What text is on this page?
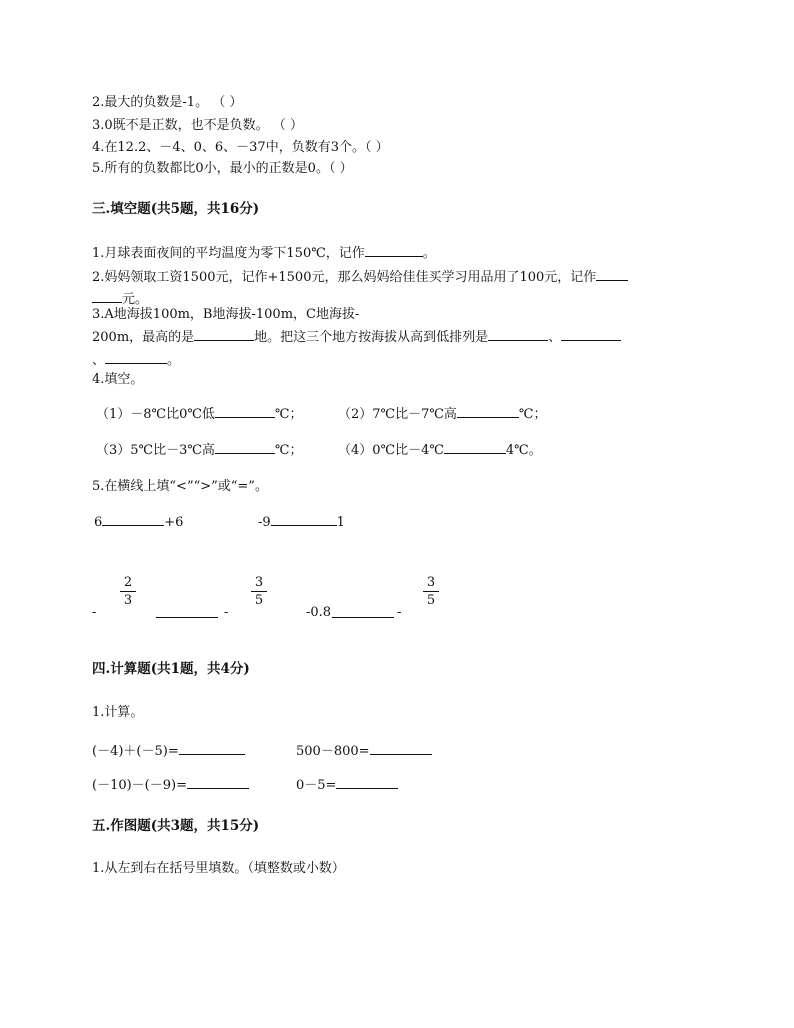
2.最大的负数是-1。 （ ）
3.0既不是正数，也不是负数。 （ ）
4.在12.2、－4、0、6、－37中，负数有3个。（ ）
5.所有的负数都比0小，最小的正数是0。（ ）
三.填空题(共5题，共16分)
1.月球表面夜间的平均温度为零下150℃，记作	。
2.妈妈领取工资1500元，记作+1500元，那么妈妈给佳佳买学习用品用了100元，记作
元。
3.A地海拔100m，B地海拔-100m，C地海拔-
200m，最高的是	地。把这三个地方按海拔从高到低排列是	、
、	。
4.填空。
（1）－8℃比0℃低	℃；	（2）7℃比－7℃高	℃；
（3）5℃比－3℃高	℃；	（4）0℃比－4℃	4℃。
5.在横线上填“<”“>”或“=”。
6	+6	-9	1
2
3
3
5
3
5
-	-	-0.8	-
四.计算题(共1题，共4分)
1.计算。
(－4)＋(－5)=	500－800=
(－10)－(－9)=	0－5=
五.作图题(共3题，共15分)
1.从左到右在括号里填数。（填整数或小数）
